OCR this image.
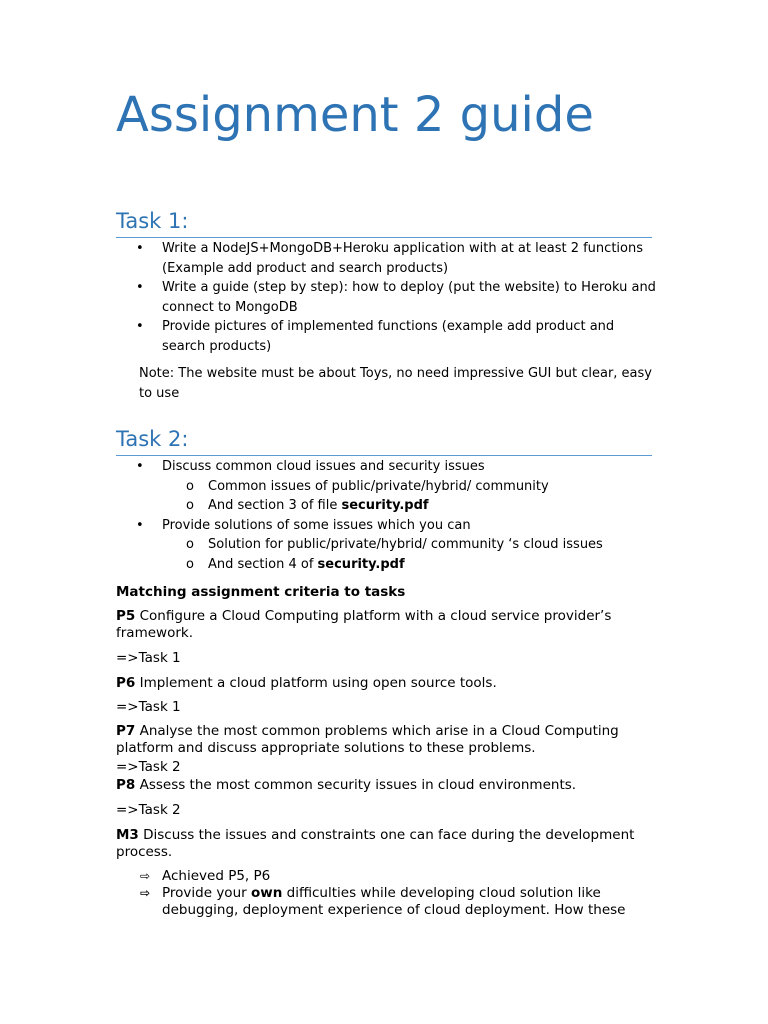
Assignment 2 guide
Task 1:
• Write a NodeJS+MongoDB+Heroku application with at at least 2 functions (Example add product and search products)
• Write a guide (step by step): how to deploy (put the website) to Heroku and connect to MongoDB
• Provide pictures of implemented functions (example add product and search products)

Note: The website must be about Toys, no need impressive GUI but clear, easy to use

Task 2:
• Discuss common cloud issues and security issues
o Common issues of public/private/hybrid/ community
o And section 3 of file security.pdf
• Provide solutions of some issues which you can
o Solution for public/private/hybrid/ community ‘s cloud issues
o And section 4 of security.pdf

Matching assignment criteria to tasks

P5 Configure a Cloud Computing platform with a cloud service provider’s framework.

=>Task 1

P6 Implement a cloud platform using open source tools.

=>Task 1

P7 Analyse the most common problems which arise in a Cloud Computing platform and discuss appropriate solutions to these problems.

=>Task 2

P8 Assess the most common security issues in cloud environments.

=>Task 2

M3 Discuss the issues and constraints one can face during the development process.

⇨ Achieved P5, P6
⇨ Provide your own difficulties while developing cloud solution like debugging, deployment experience of cloud deployment. How these
